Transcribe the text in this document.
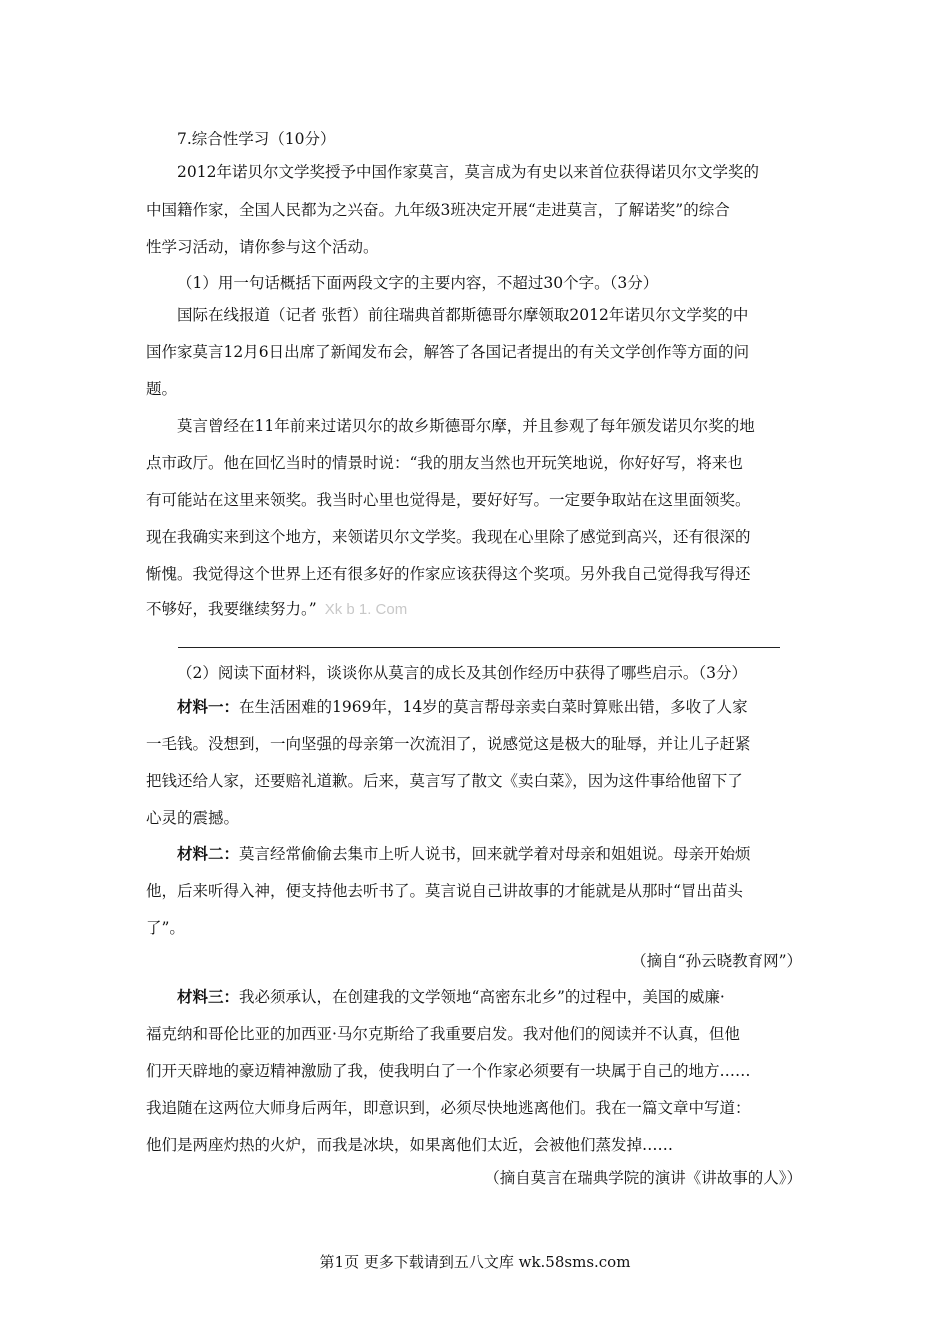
7.综合性学习（10分）
2012年诺贝尔文学奖授予中国作家莫言，莫言成为有史以来首位获得诺贝尔文学奖的
中国籍作家，全国人民都为之兴奋。九年级3班决定开展“走进莫言，了解诺奖”的综合
性学习活动，请你参与这个活动。
（1）用一句话概括下面两段文字的主要内容，不超过30个字。（3分）
国际在线报道（记者 张哲）前往瑞典首都斯德哥尔摩领取2012年诺贝尔文学奖的中
国作家莫言12月6日出席了新闻发布会，解答了各国记者提出的有关文学创作等方面的问
题。
莫言曾经在11年前来过诺贝尔的故乡斯德哥尔摩，并且参观了每年颁发诺贝尔奖的地
点市政厅。他在回忆当时的情景时说：“我的朋友当然也开玩笑地说，你好好写，将来也
有可能站在这里来领奖。我当时心里也觉得是，要好好写。一定要争取站在这里面领奖。
现在我确实来到这个地方，来领诺贝尔文学奖。我现在心里除了感觉到高兴，还有很深的
惭愧。我觉得这个世界上还有很多好的作家应该获得这个奖项。另外我自己觉得我写得还
不够好，我要继续努力。” Xk b 1. Com
（2）阅读下面材料，谈谈你从莫言的成长及其创作经历中获得了哪些启示。（3分）
材料一：在生活困难的1969年，14岁的莫言帮母亲卖白菜时算账出错，多收了人家
一毛钱。没想到，一向坚强的母亲第一次流泪了，说感觉这是极大的耻辱，并让儿子赶紧
把钱还给人家，还要赔礼道歉。后来，莫言写了散文《卖白菜》，因为这件事给他留下了
心灵的震撼。
材料二：莫言经常偷偷去集市上听人说书，回来就学着对母亲和姐姐说。母亲开始烦
他，后来听得入神，便支持他去听书了。莫言说自己讲故事的才能就是从那时“冒出苗头
了”。
（摘自“孙云晓教育网”）
材料三：我必须承认，在创建我的文学领地“高密东北乡”的过程中，美国的威廉·
福克纳和哥伦比亚的加西亚·马尔克斯给了我重要启发。我对他们的阅读并不认真，但他
们开天辟地的豪迈精神激励了我，使我明白了一个作家必须要有一块属于自己的地方……
我追随在这两位大师身后两年，即意识到，必须尽快地逃离他们。我在一篇文章中写道：
他们是两座灼热的火炉，而我是冰块，如果离他们太近，会被他们蒸发掉……
（摘自莫言在瑞典学院的演讲《讲故事的人》）
第1页 更多下载请到五八文库 wk.58sms.com
